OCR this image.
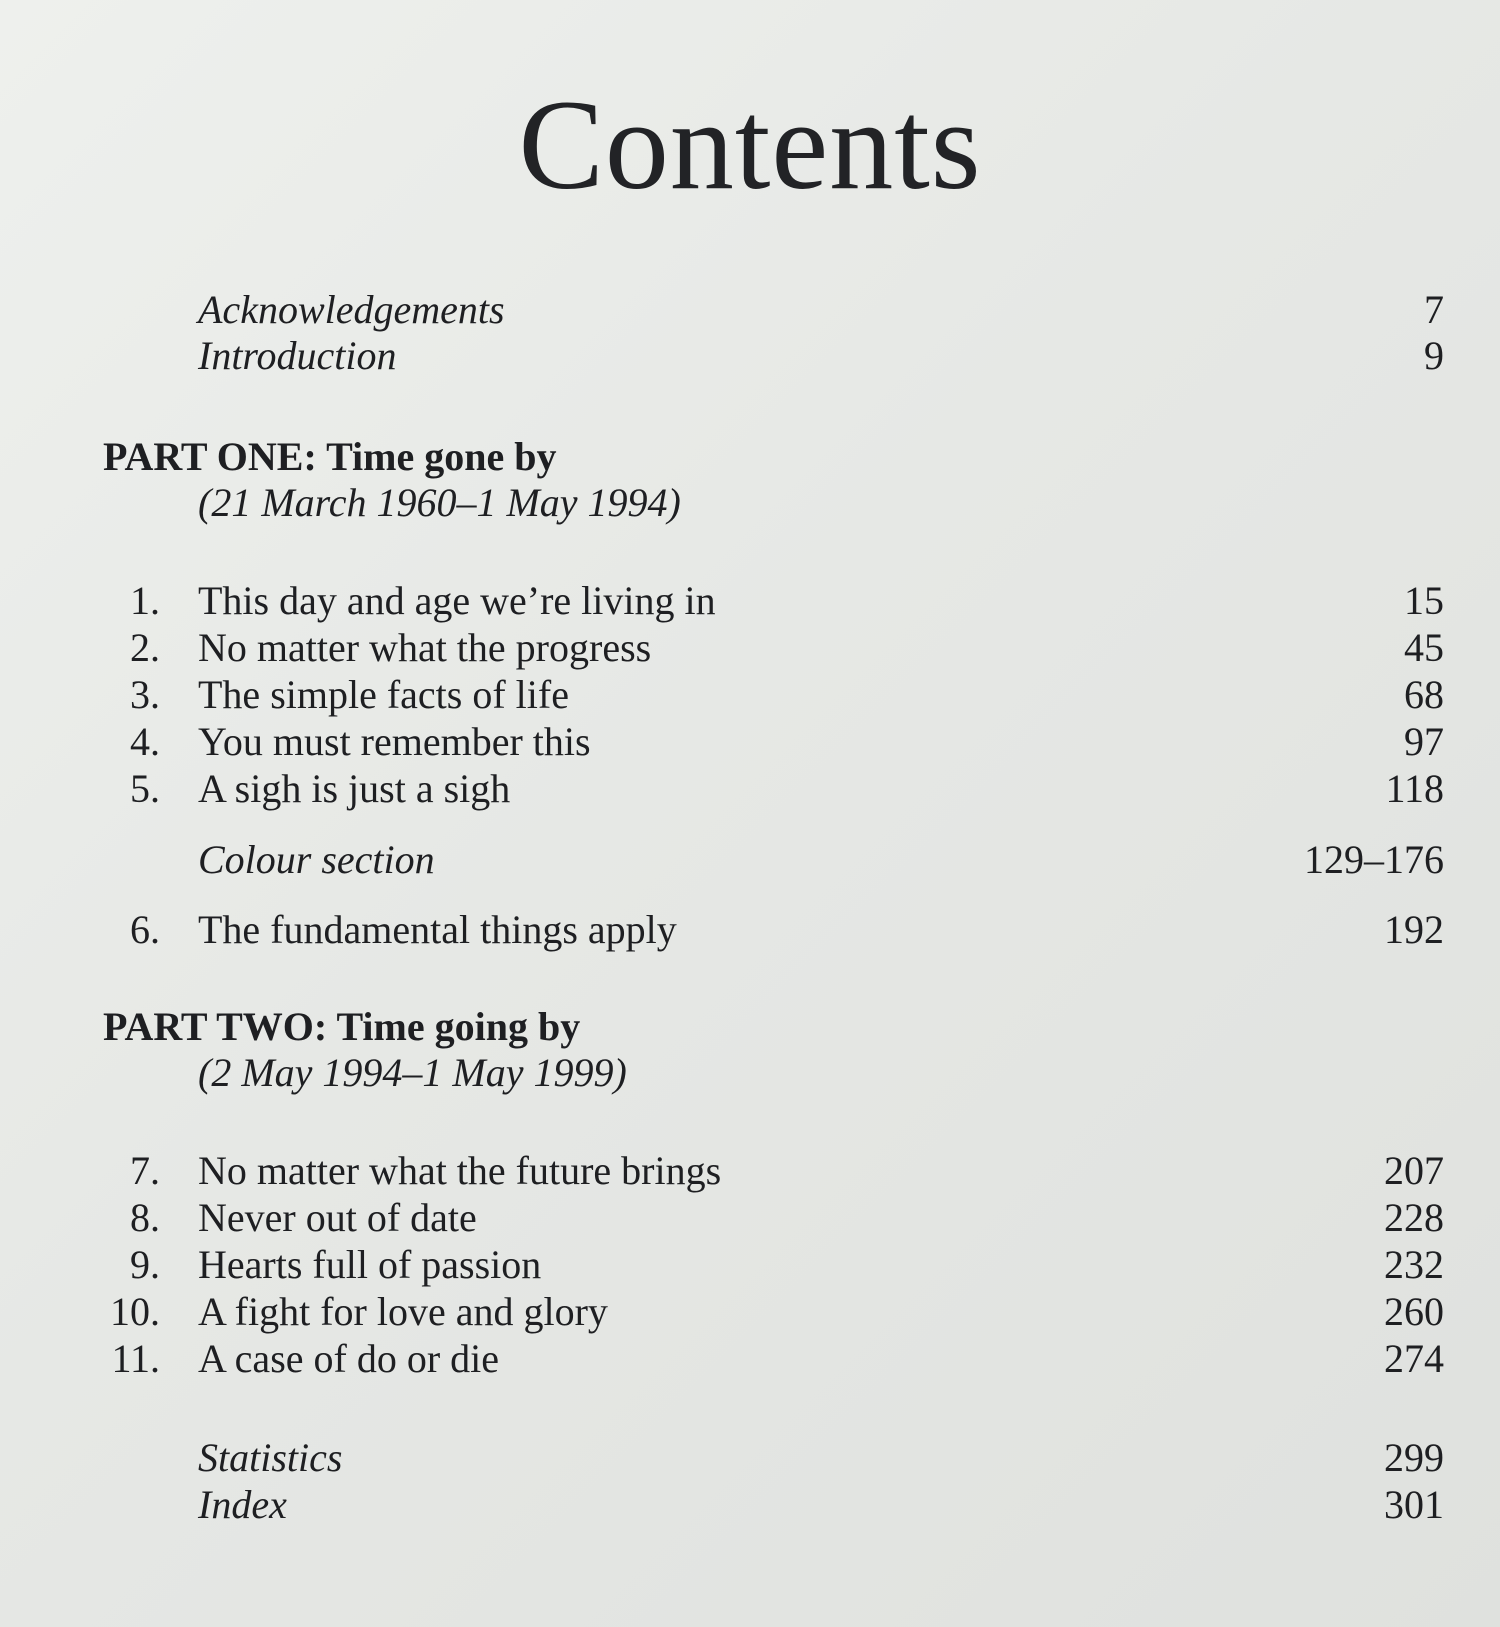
Contents
Acknowledgements	7
Introduction	9
PART ONE: Time gone by
(21 March 1960–1 May 1994)
1. This day and age we’re living in	15
2. No matter what the progress	45
3. The simple facts of life	68
4. You must remember this	97
5. A sigh is just a sigh	118
Colour section	129–176
6. The fundamental things apply	192
PART TWO: Time going by
(2 May 1994–1 May 1999)
7. No matter what the future brings	207
8. Never out of date	228
9. Hearts full of passion	232
10. A fight for love and glory	260
11. A case of do or die	274
Statistics	299
Index	301
